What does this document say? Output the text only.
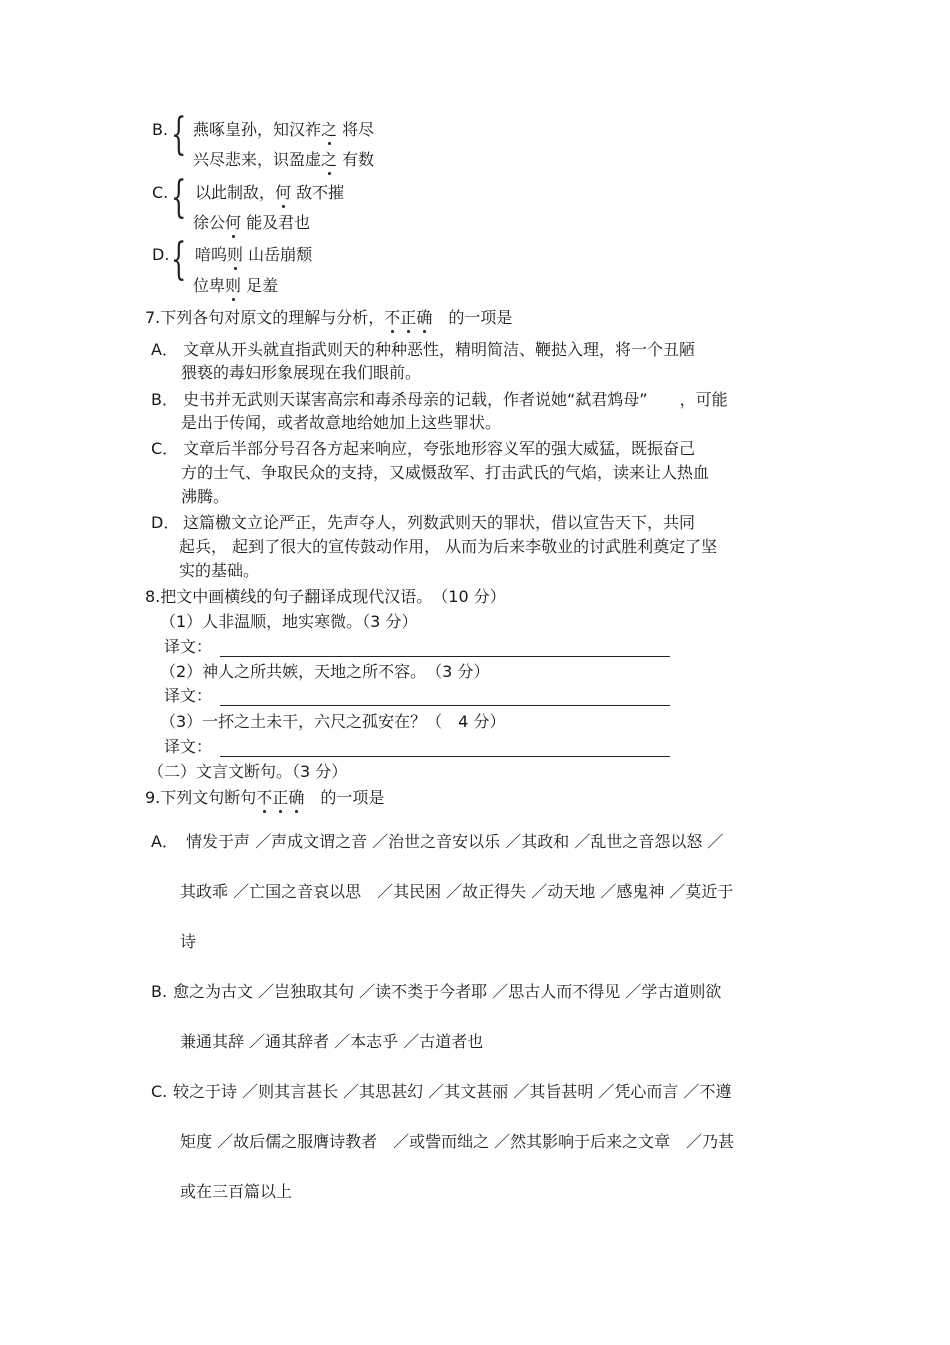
B. { 燕啄皇孙，知汉祚之 将尽
兴尽悲来，识盈虚之 有数
C. { 以此制敌，何 敌不摧
徐公何 能及君也
D. { 喑呜则 山岳崩颓
位卑则 足羞
7.下列各句对原文的理解与分析，不正确　 的一项是
A． 文章从开头就直指武则天的种种恶性，精明简洁、鞭挞入理，将一个丑陋
猥亵的毒妇形象展现在我们眼前。
B． 史书并无武则天谋害高宗和毒杀母亲的记载，作者说她“弑君鸩母”　　，可能
是出于传闻，或者故意地给她加上这些罪状。
C． 文章后半部分号召各方起来响应，夸张地形容义军的强大威猛，既振奋己
方的士气、争取民众的支持，又威慑敌军、打击武氏的气焰，读来让人热血
沸腾。
D． 这篇檄文立论严正，先声夺人，列数武则天的罪状，借以宣告天下，共同
起兵， 起到了很大的宣传鼓动作用， 从而为后来李敬业的讨武胜利奠定了坚
实的基础。
8.把文中画横线的句子翻译成现代汉语。　（10 分）
（1）人非温顺，地实寒微。（3 分）
译文：
（2）神人之所共嫉，天地之所不容。　（3 分）
译文：
（3）一抔之土未干，六尺之孤安在？（　4 分）
译文：
（二）文言文断句。（3 分）
9.下列文句断句不正确　 的一项是
A． 情发于声 ／声成文谓之音 ／治世之音安以乐 ／其政和 ／乱世之音怨以怒 ／
其政乖 ／亡国之音哀以思　／其民困 ／故正得失 ／动天地 ／感鬼神 ／莫近于
诗
B. 愈之为古文 ／岂独取其句 ／读不类于今者耶 ／思古人而不得见 ／学古道则欲
兼通其辞 ／通其辞者 ／本志乎 ／古道者也
C. 较之于诗 ／则其言甚长 ／其思甚幻 ／其文甚丽 ／其旨甚明 ／凭心而言 ／不遵
矩度 ／故后儒之服膺诗教者　／或訾而绌之 ／然其影响于后来之文章　／乃甚
或在三百篇以上
